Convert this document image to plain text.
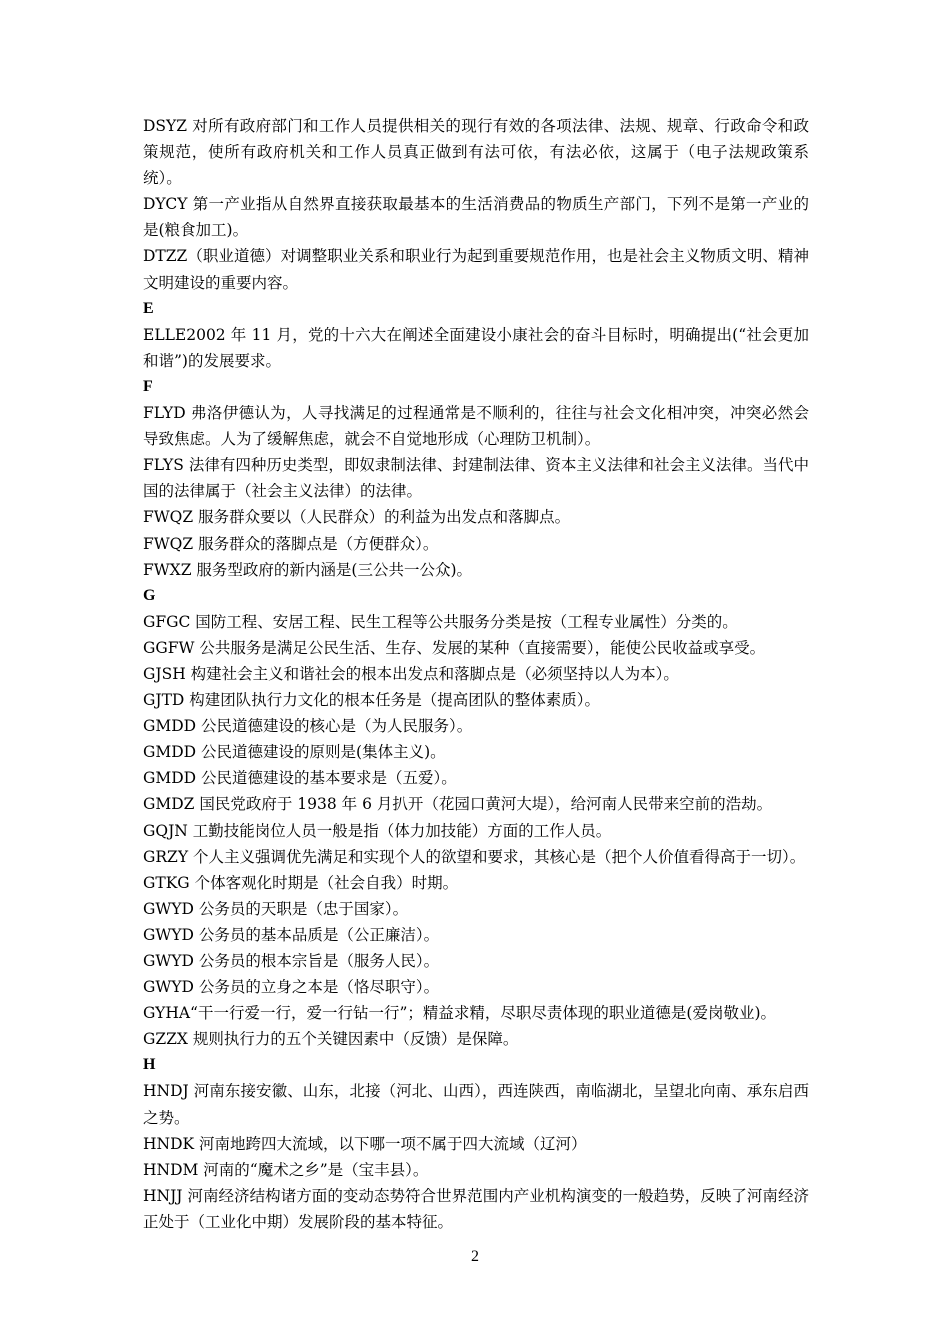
DSYZ 对所有政府部门和工作人员提供相关的现行有效的各项法律、法规、规章、行政命令和政策规范，使所有政府机关和工作人员真正做到有法可依，有法必依，这属于（电子法规政策系统）。

DYCY 第一产业指从自然界直接获取最基本的生活消费品的物质生产部门，下列不是第一产业的是(粮食加工)。

DTZZ（职业道德）对调整职业关系和职业行为起到重要规范作用，也是社会主义物质文明、精神文明建设的重要内容。

E

ELLE2002 年 11 月，党的十六大在阐述全面建设小康社会的奋斗目标时，明确提出(“社会更加和谐”)的发展要求。

F

FLYD 弗洛伊德认为，人寻找满足的过程通常是不顺利的，往往与社会文化相冲突，冲突必然会导致焦虑。人为了缓解焦虑，就会不自觉地形成（心理防卫机制）。

FLYS 法律有四种历史类型，即奴隶制法律、封建制法律、资本主义法律和社会主义法律。当代中国的法律属于（社会主义法律）的法律。

FWQZ 服务群众要以（人民群众）的利益为出发点和落脚点。

FWQZ 服务群众的落脚点是（方便群众）。

FWXZ 服务型政府的新内涵是(三公共一公众)。

G

GFGC 国防工程、安居工程、民生工程等公共服务分类是按（工程专业属性）分类的。

GGFW 公共服务是满足公民生活、生存、发展的某种（直接需要），能使公民收益或享受。

GJSH 构建社会主义和谐社会的根本出发点和落脚点是（必须坚持以人为本）。

GJTD 构建团队执行力文化的根本任务是（提高团队的整体素质）。

GMDD 公民道德建设的核心是（为人民服务）。

GMDD 公民道德建设的原则是(集体主义)。

GMDD 公民道德建设的基本要求是（五爱）。

GMDZ 国民党政府于 1938 年 6 月扒开（花园口黄河大堤），给河南人民带来空前的浩劫。

GQJN 工勤技能岗位人员一般是指（体力加技能）方面的工作人员。

GRZY 个人主义强调优先满足和实现个人的欲望和要求，其核心是（把个人价值看得高于一切）。

GTKG 个体客观化时期是（社会自我）时期。

GWYD 公务员的天职是（忠于国家）。

GWYD 公务员的基本品质是（公正廉洁）。

GWYD 公务员的根本宗旨是（服务人民）。

GWYD 公务员的立身之本是（恪尽职守）。

GYHA“干一行爱一行，爱一行钻一行”；精益求精，尽职尽责体现的职业道德是(爱岗敬业)。

GZZX 规则执行力的五个关键因素中（反馈）是保障。

H

HNDJ 河南东接安徽、山东，北接（河北、山西），西连陕西，南临湖北，呈望北向南、承东启西之势。

HNDK 河南地跨四大流域，以下哪一项不属于四大流域（辽河）

HNDM 河南的“魔术之乡”是（宝丰县）。

HNJJ 河南经济结构诸方面的变动态势符合世界范围内产业机构演变的一般趋势，反映了河南经济正处于（工业化中期）发展阶段的基本特征。

2
